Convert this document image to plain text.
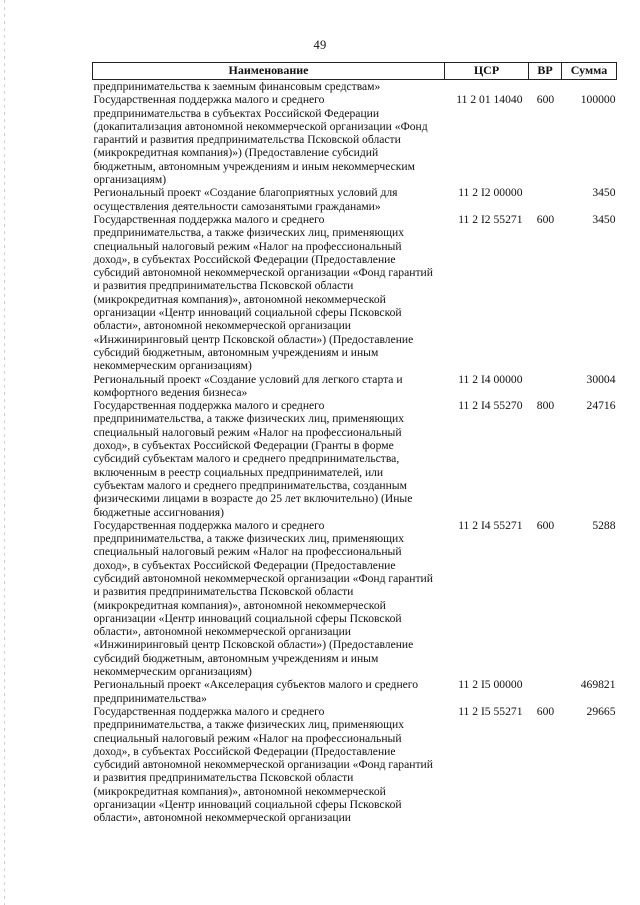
49
Наименование	ЦСР	ВР	Сумма
предпринимательства к заемным финансовым средствам»			
Государственная поддержка малого и среднего предпринимательства в субъектах Российской Федерации (докапитализация автономной некоммерческой организации «Фонд гарантий и развития предпринимательства Псковской области (микрокредитная компания)») (Предоставление субсидий бюджетным, автономным учреждениям и иным некоммерческим организациям)	11 2 01 14040	600	100000
Региональный проект «Создание благоприятных условий для осуществления деятельности самозанятыми гражданами»	11 2 I2 00000		3450
Государственная поддержка малого и среднего предпринимательства, а также физических лиц, применяющих специальный налоговый режим «Налог на профессиональный доход», в субъектах Российской Федерации (Предоставление субсидий автономной некоммерческой организации «Фонд гарантий и развития предпринимательства Псковской области (микрокредитная компания)», автономной некоммерческой организации «Центр инноваций социальной сферы Псковской области», автономной некоммерческой организации «Инжиниринговый центр Псковской области») (Предоставление субсидий бюджетным, автономным учреждениям и иным некоммерческим организациям)	11 2 I2 55271	600	3450
Региональный проект «Создание условий для легкого старта и комфортного ведения бизнеса»	11 2 I4 00000		30004
Государственная поддержка малого и среднего предпринимательства, а также физических лиц, применяющих специальный налоговый режим «Налог на профессиональный доход», в субъектах Российской Федерации (Гранты в форме субсидий субъектам малого и среднего предпринимательства, включенным в реестр социальных предпринимателей, или субъектам малого и среднего предпринимательства, созданным физическими лицами в возрасте до 25 лет включительно) (Иные бюджетные ассигнования)	11 2 I4 55270	800	24716
Государственная поддержка малого и среднего предпринимательства, а также физических лиц, применяющих специальный налоговый режим «Налог на профессиональный доход», в субъектах Российской Федерации (Предоставление субсидий автономной некоммерческой организации «Фонд гарантий и развития предпринимательства Псковской области (микрокредитная компания)», автономной некоммерческой организации «Центр инноваций социальной сферы Псковской области», автономной некоммерческой организации «Инжиниринговый центр Псковской области») (Предоставление субсидий бюджетным, автономным учреждениям и иным некоммерческим организациям)	11 2 I4 55271	600	5288
Региональный проект «Акселерация субъектов малого и среднего предпринимательства»	11 2 I5 00000		469821
Государственная поддержка малого и среднего предпринимательства, а также физических лиц, применяющих специальный налоговый режим «Налог на профессиональный доход», в субъектах Российской Федерации (Предоставление субсидий автономной некоммерческой организации «Фонд гарантий и развития предпринимательства Псковской области (микрокредитная компания)», автономной некоммерческой организации «Центр инноваций социальной сферы Псковской области», автономной некоммерческой организации	11 2 I5 55271	600	29665
